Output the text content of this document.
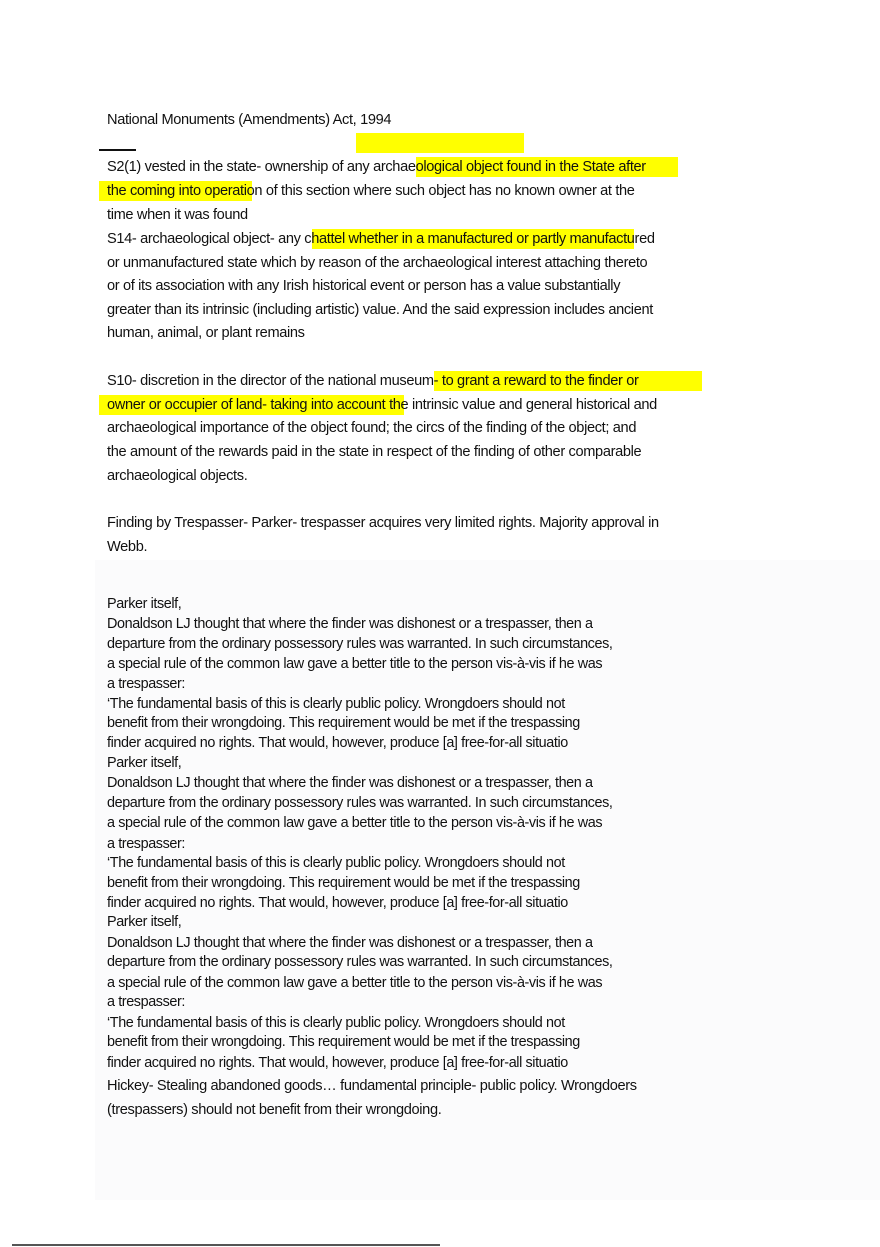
National Monuments (Amendments) Act, 1994
S2(1) vested in the state- ownership of any archaeological object found in the State after
the coming into operation of this section where such object has no known owner at the
time when it was found
S14- archaeological object- any chattel whether in a manufactured or partly manufactured
or unmanufactured state which by reason of the archaeological interest attaching thereto
or of its association with any Irish historical event or person has a value substantially
greater than its intrinsic (including artistic) value. And the said expression includes ancient
human, animal, or plant remains
S10- discretion in the director of the national museum- to grant a reward to the finder or
owner or occupier of land- taking into account the intrinsic value and general historical and
archaeological importance of the object found; the circs of the finding of the object; and
the amount of the rewards paid in the state in respect of the finding of other comparable
archaeological objects.
Finding by Trespasser- Parker- trespasser acquires very limited rights. Majority approval in
Webb.
Parker itself,
Donaldson LJ thought that where the finder was dishonest or a trespasser, then a
departure from the ordinary possessory rules was warranted. In such circumstances,
a special rule of the common law gave a better title to the person vis-à-vis if he was
a trespasser:
‘The fundamental basis of this is clearly public policy. Wrongdoers should not
benefit from their wrongdoing. This requirement would be met if the trespassing
finder acquired no rights. That would, however, produce [a] free-for-all situatio
Parker itself,
Donaldson LJ thought that where the finder was dishonest or a trespasser, then a
departure from the ordinary possessory rules was warranted. In such circumstances,
a special rule of the common law gave a better title to the person vis-à-vis if he was
a trespasser:
‘The fundamental basis of this is clearly public policy. Wrongdoers should not
benefit from their wrongdoing. This requirement would be met if the trespassing
finder acquired no rights. That would, however, produce [a] free-for-all situatio
Parker itself,
Donaldson LJ thought that where the finder was dishonest or a trespasser, then a
departure from the ordinary possessory rules was warranted. In such circumstances,
a special rule of the common law gave a better title to the person vis-à-vis if he was
a trespasser:
‘The fundamental basis of this is clearly public policy. Wrongdoers should not
benefit from their wrongdoing. This requirement would be met if the trespassing
finder acquired no rights. That would, however, produce [a] free-for-all situatio
Hickey- Stealing abandoned goods… fundamental principle- public policy. Wrongdoers
(trespassers) should not benefit from their wrongdoing.
